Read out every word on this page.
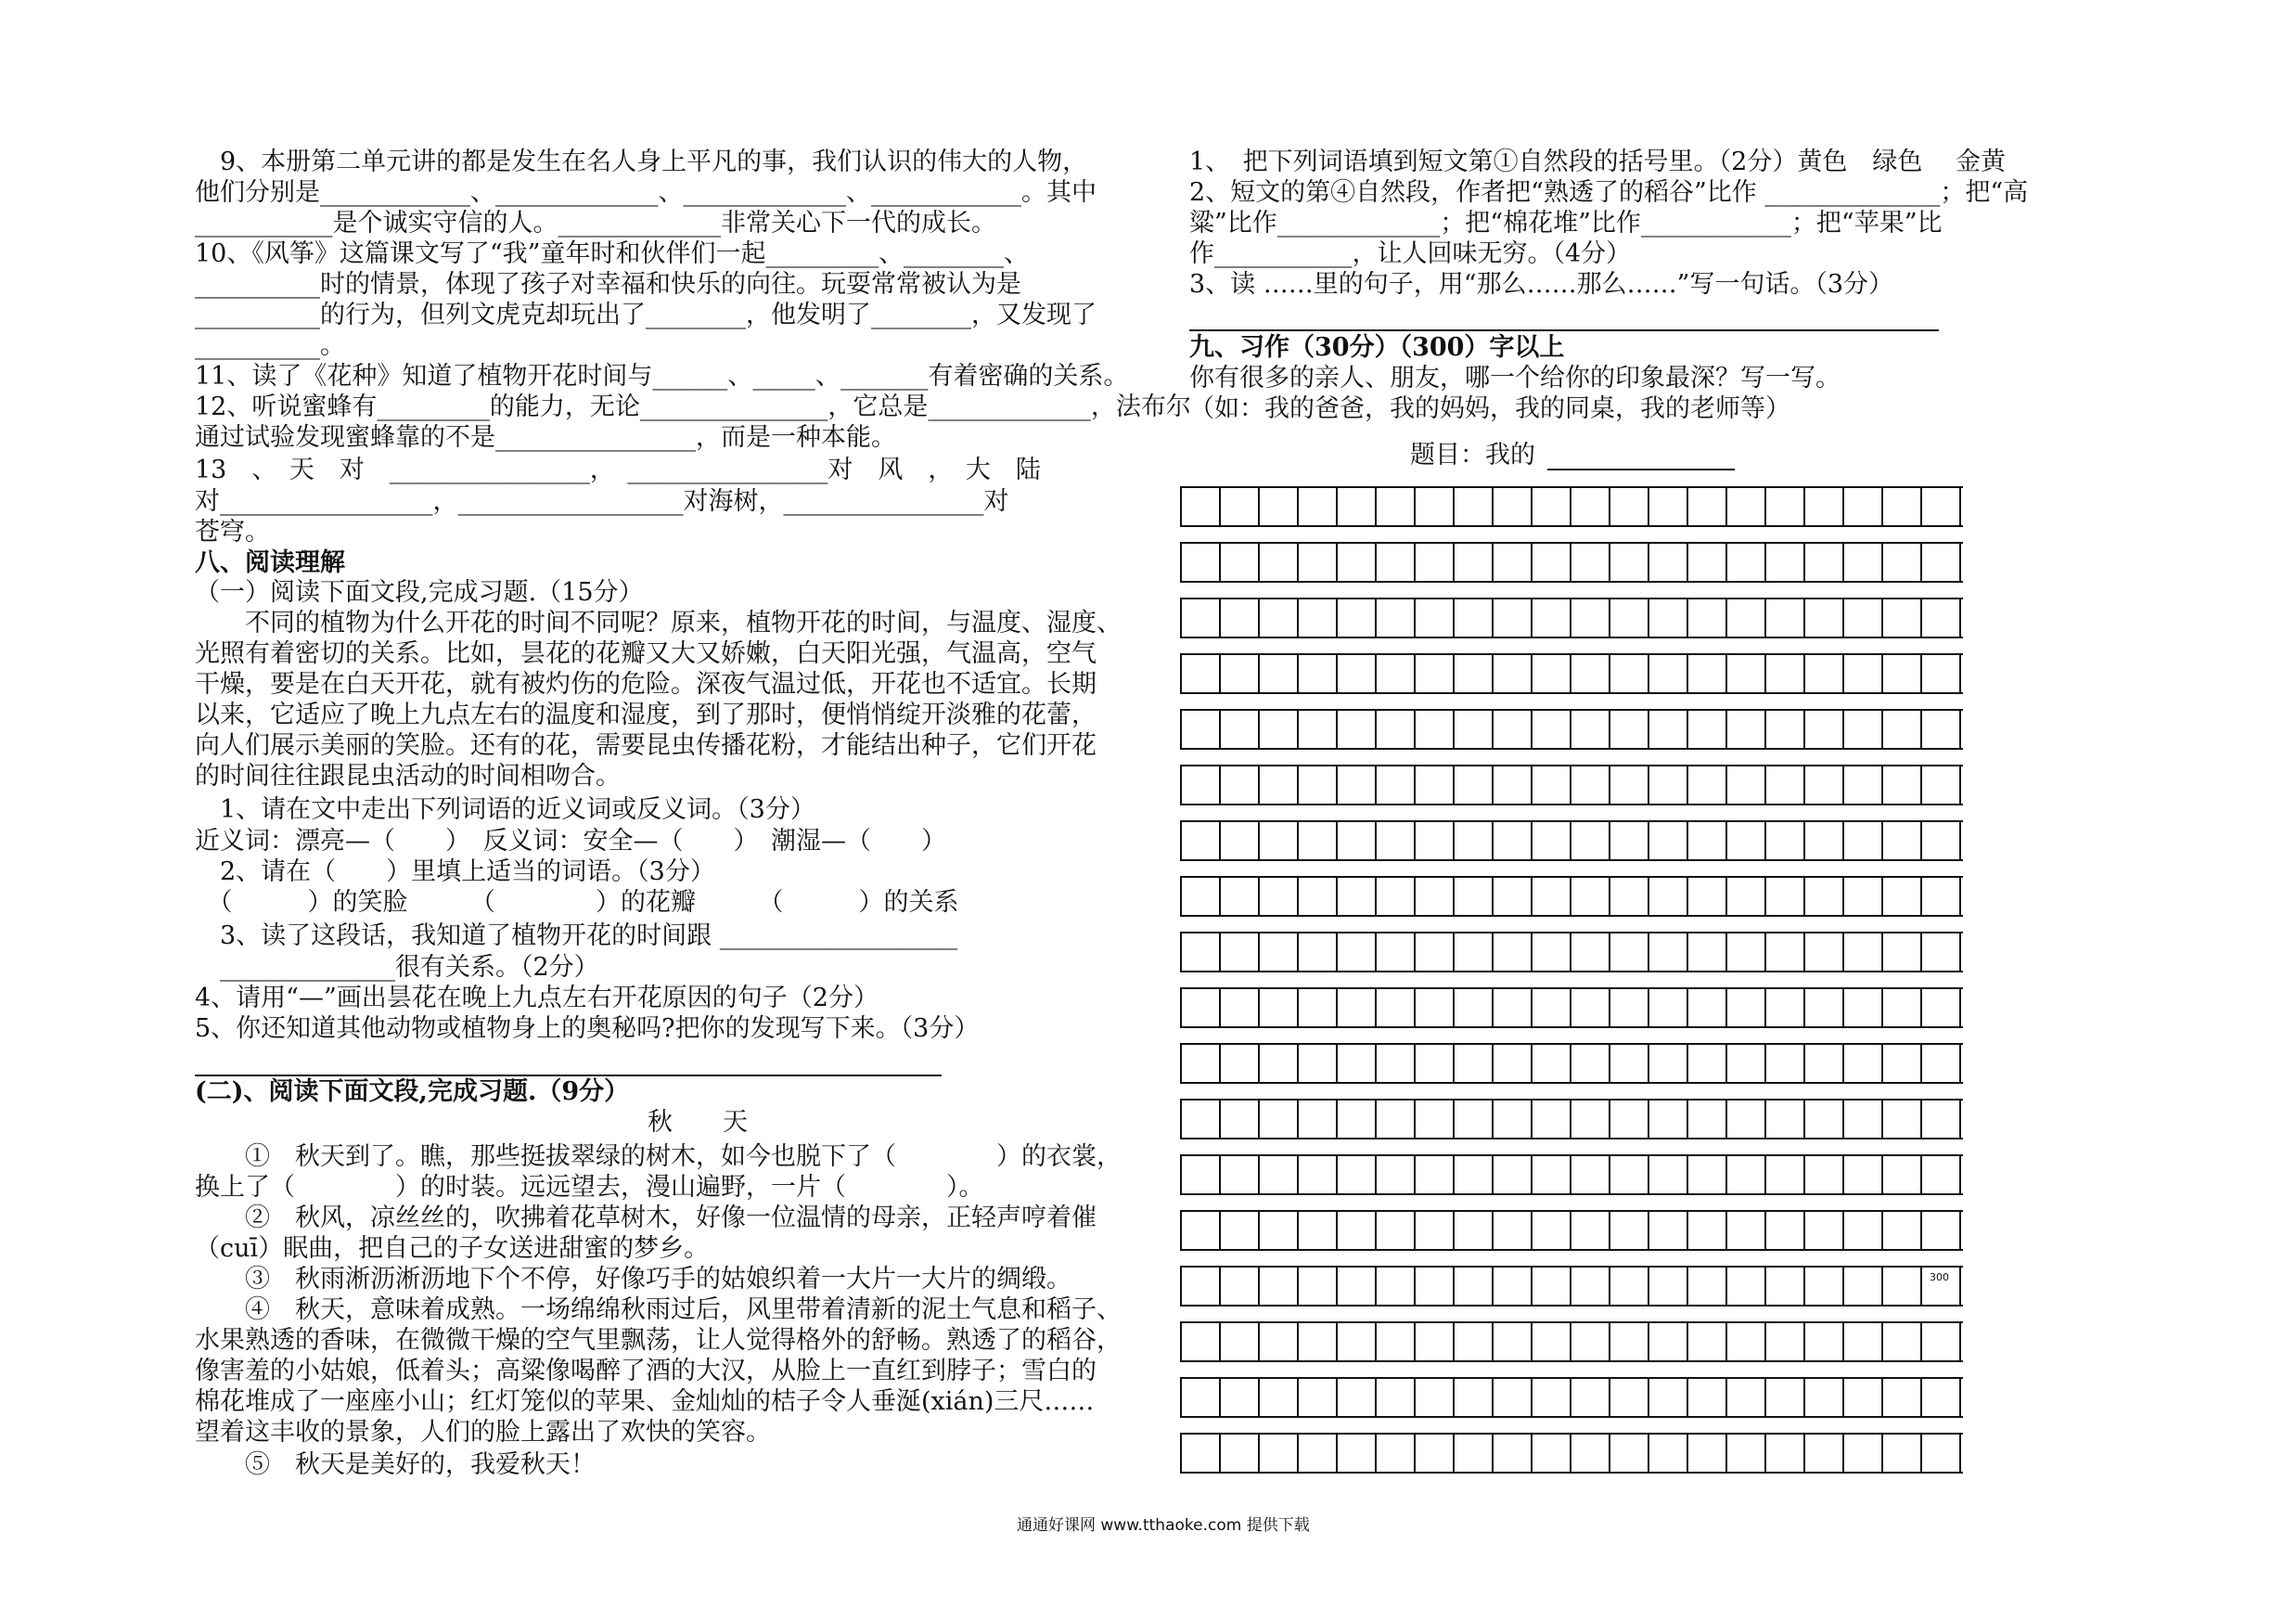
　9、本册第二单元讲的都是发生在名人身上平凡的事，我们认识的伟大的人物，
他们分别是____________、_____________、_____________、____________。其中
___________是个诚实守信的人。_____________非常关心下一代的成长。
10、《风筝》这篇课文写了“我”童年时和伙伴们一起_________、________、
__________时的情景，体现了孩子对幸福和快乐的向往。玩耍常常被认为是
__________的行为，但列文虎克却玩出了________，他发明了________，又发现了
__________。
11、读了《花种》知道了植物开花时间与______、_____、_______有着密确的关系。
12、听说蜜蜂有_________的能力，无论_______________，它总是_____________，法布尔
通过试验发现蜜蜂靠的不是________________，而是一种本能。
13　、　天　对　________________，　________________对　风　，　大　陆
对_________________，__________________对海树，________________对
苍穹。
八、阅读理解
（一）阅读下面文段,完成习题.（15分）
　　不同的植物为什么开花的时间不同呢？原来，植物开花的时间，与温度、湿度、
光照有着密切的关系。比如，昙花的花瓣又大又娇嫩，白天阳光强，气温高，空气
干燥，要是在白天开花，就有被灼伤的危险。深夜气温过低，开花也不适宜。长期
以来，它适应了晚上九点左右的温度和湿度，到了那时，便悄悄绽开淡雅的花蕾，
向人们展示美丽的笑脸。还有的花，需要昆虫传播花粉，才能结出种子，它们开花
的时间往往跟昆虫活动的时间相吻合。
　1、请在文中走出下列词语的近义词或反义词。（3分）
近义词：漂亮—（　　）　反义词：安全—（　　）　潮湿—（　　）
　2、请在（　　）里填上适当的词语。（3分）
　（　　　）的笑脸　　　（　　　　）的花瓣　　　（　　　）的关系
　3、读了这段话，我知道了植物开花的时间跟 ___________________
　______________很有关系。（2分）
4、请用“—”画出昙花在晚上九点左右开花原因的句子（2分）
5、你还知道其他动物或植物身上的奥秘吗?把你的发现写下来。（3分）
(二)、阅读下面文段,完成习题.（9分）
秋　　天
　　①　秋天到了。瞧，那些挺拔翠绿的树木，如今也脱下了（　　　　）的衣裳，
换上了（　　　　）的时装。远远望去，漫山遍野，一片（　　　　）。
　　②　秋风，凉丝丝的，吹拂着花草树木，好像一位温情的母亲，正轻声哼着催
（cuī）眠曲，把自己的子女送进甜蜜的梦乡。
　　③　秋雨淅沥淅沥地下个不停，好像巧手的姑娘织着一大片一大片的绸缎。
　　④　秋天，意味着成熟。一场绵绵秋雨过后，风里带着清新的泥土气息和稻子、
水果熟透的香味，在微微干燥的空气里飘荡，让人觉得格外的舒畅。熟透了的稻谷，
像害羞的小姑娘，低着头；高粱像喝醉了酒的大汉，从脸上一直红到脖子；雪白的
棉花堆成了一座座小山；红灯笼似的苹果、金灿灿的桔子令人垂涎(xián)三尺……
望着这丰收的景象，人们的脸上露出了欢快的笑容。
　　⑤　秋天是美好的，我爱秋天！
1、　把下列词语填到短文第①自然段的括号里。（2分）黄色　绿色　 金黄
2、短文的第④自然段，作者把“熟透了的稻谷”比作 ______________；把“高
粱”比作_____________；把“棉花堆”比作____________；把“苹果”比
作___________，让人回味无穷。（4分）
3、读 ……里的句子，用“那么……那么……”写一句话。（3分）
九、习作（30分）（300）字以上
你有很多的亲人、朋友，哪一个给你的印象最深？写一写。
（如：我的爸爸，我的妈妈，我的同桌，我的老师等）
题目：我的
300
通通好课网 www.tthaoke.com 提供下载
